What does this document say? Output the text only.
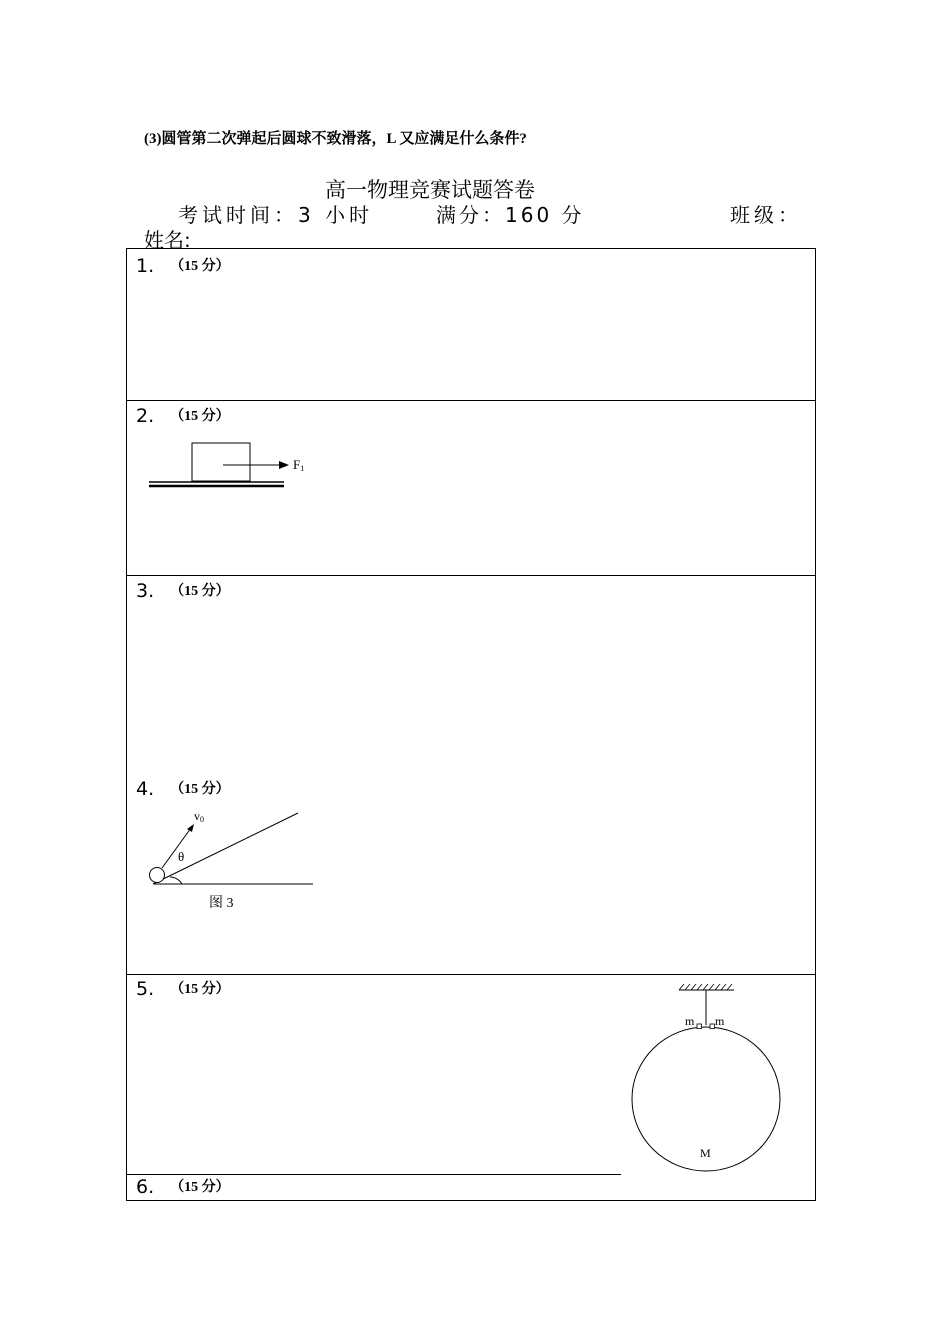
(3)圆管第二次弹起后圆球不致滑落，L 又应满足什么条件?
高一物理竞赛试题答卷
考试时间：3 小时	满分：160 分	班级：
姓名:
1. （15 分）
2. （15 分）
F1
3. （15 分）
4. （15 分）
v0
θ
图 3
5. （15 分）
m m
M
6. （15 分）
